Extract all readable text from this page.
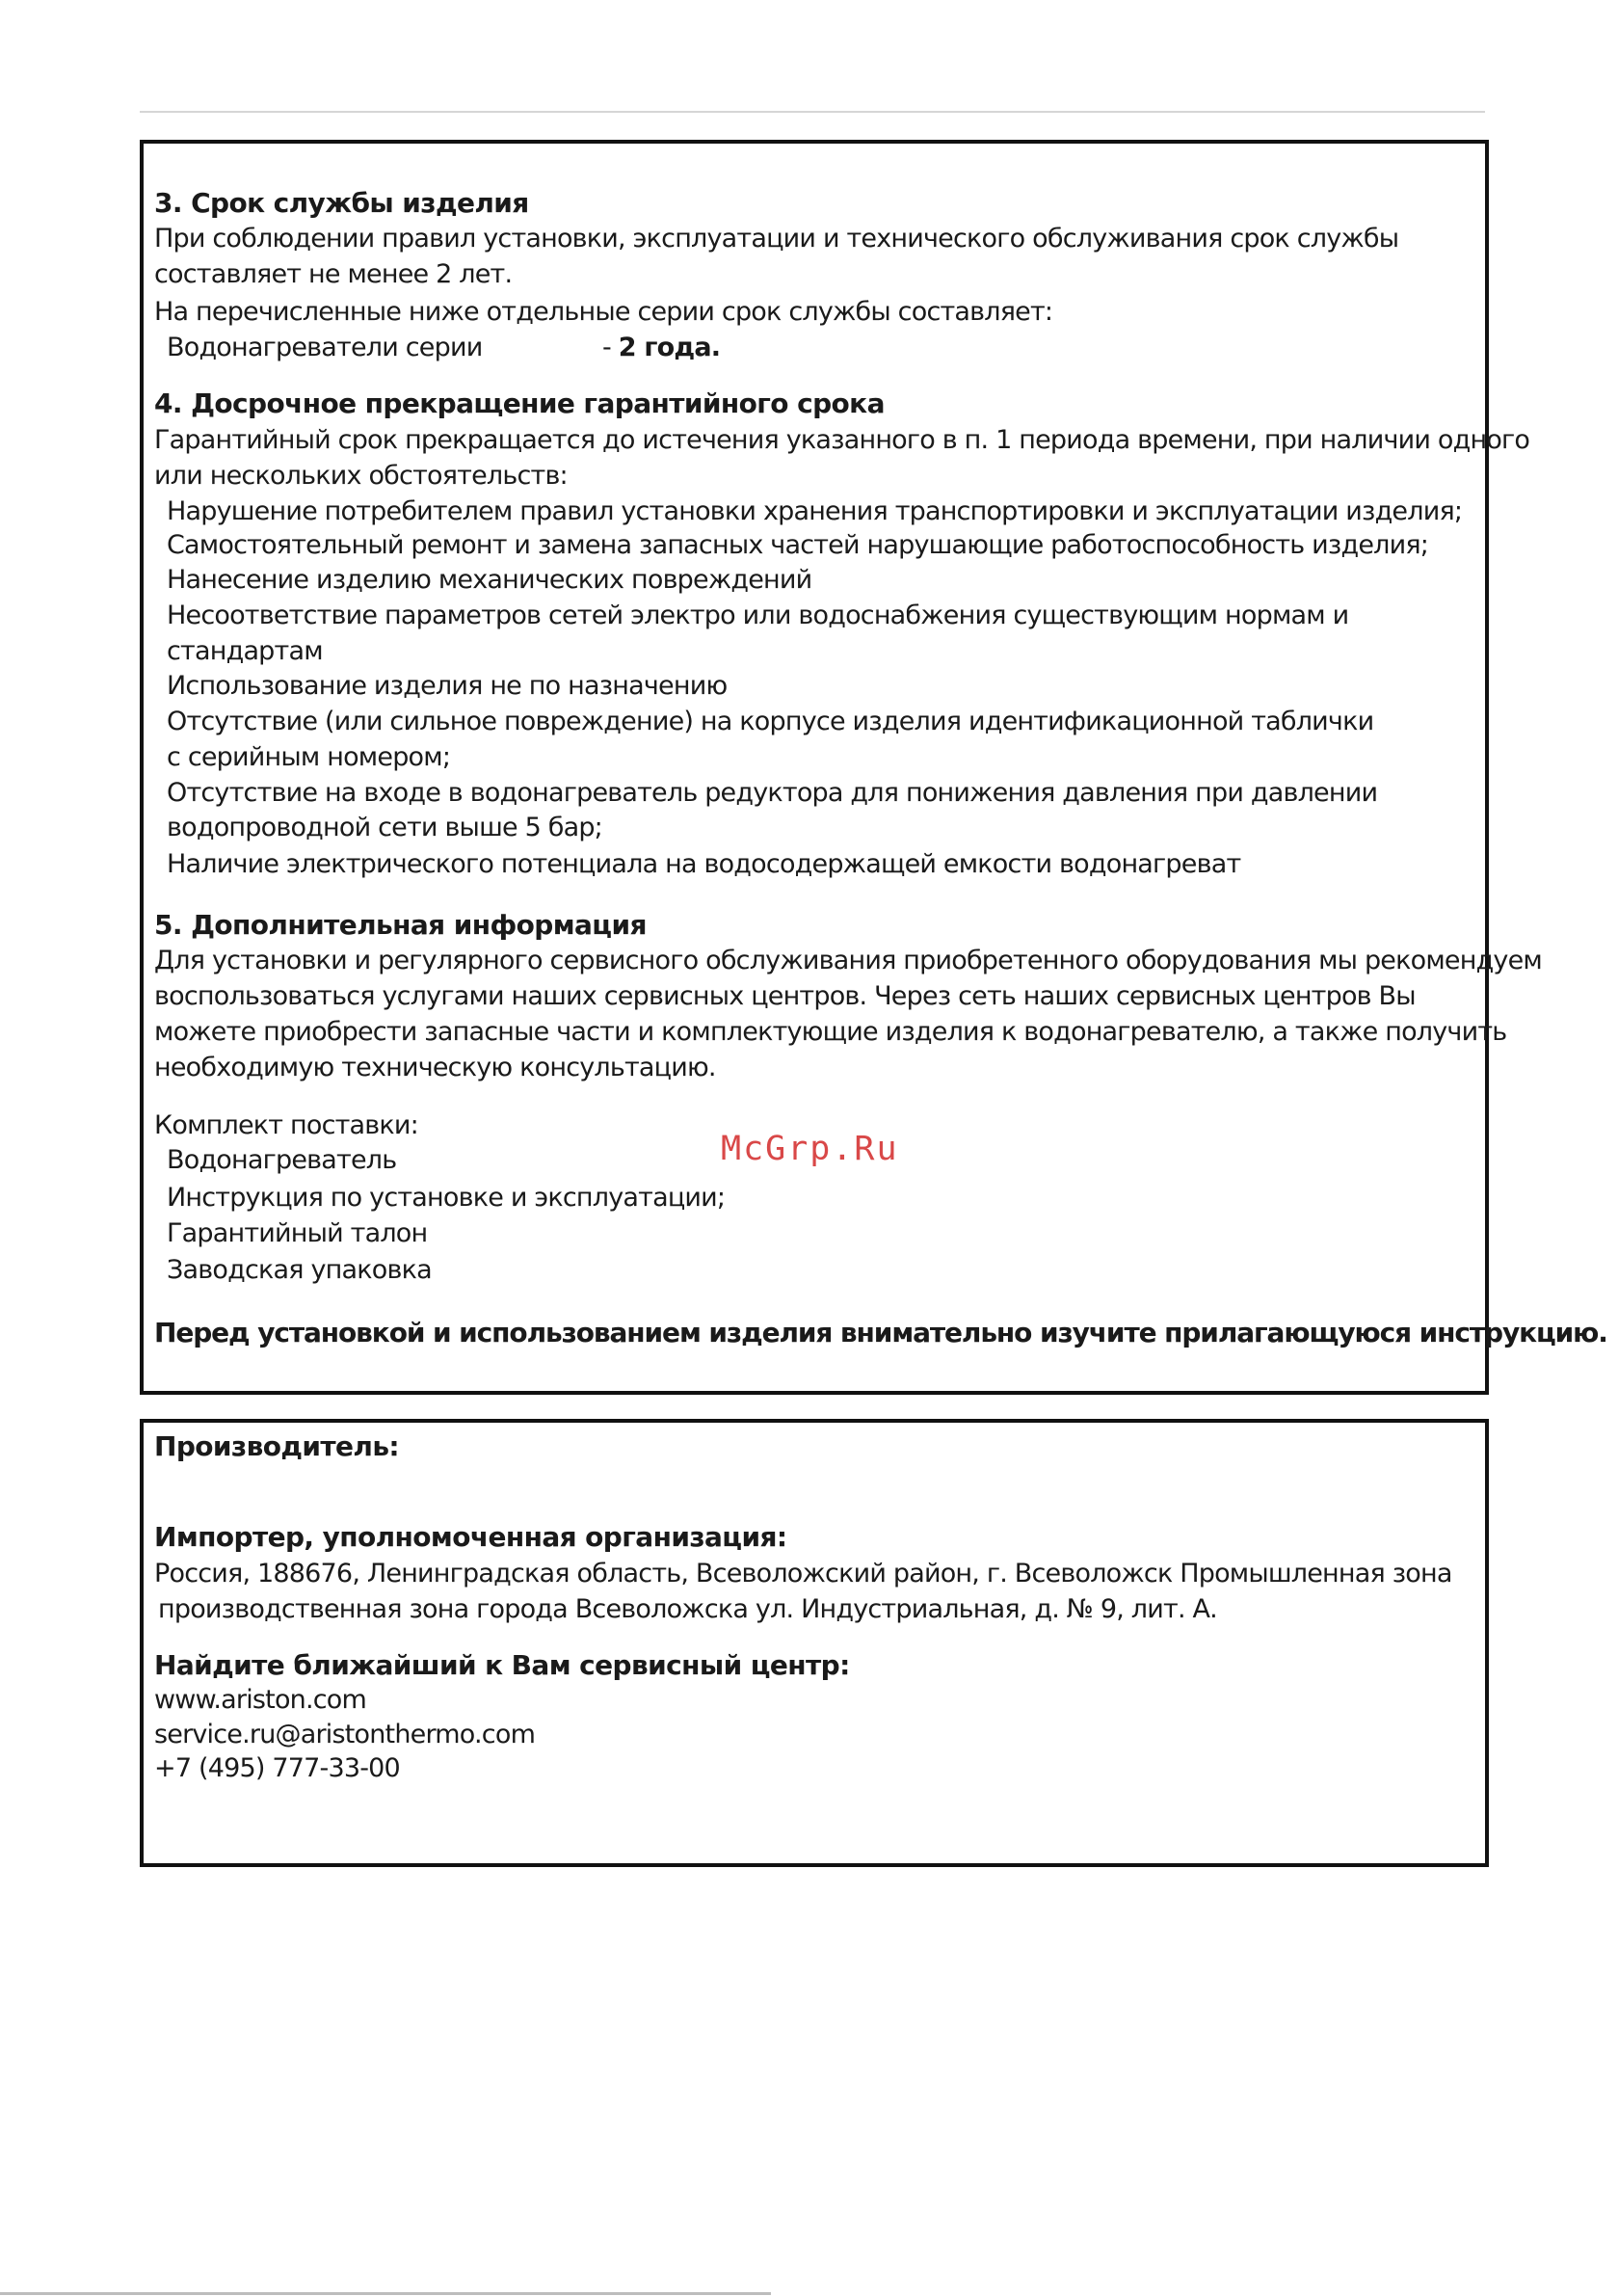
3. Срок службы изделия
При соблюдении правил установки, эксплуатации и технического обслуживания срок службы
составляет не менее 2 лет.
На перечисленные ниже отдельные серии срок службы составляет:
Водонагреватели серии	- 2 года.
4. Досрочное прекращение гарантийного срока
Гарантийный срок прекращается до истечения указанного в п. 1 периода времени, при наличии одного
или нескольких обстоятельств:
Нарушение потребителем правил установки хранения транспортировки и эксплуатации изделия;
Самостоятельный ремонт и замена запасных частей нарушающие работоспособность изделия;
Нанесение изделию механических повреждений
Несоответствие параметров сетей электро или водоснабжения существующим нормам и
стандартам
Использование изделия не по назначению
Отсутствие (или сильное повреждение) на корпусе изделия идентификационной таблички
с серийным номером;
Отсутствие на входе в водонагреватель редуктора для понижения давления при давлении
водопроводной сети выше 5 бар;
Наличие электрического потенциала на водосодержащей емкости водонагреват
5. Дополнительная информация
Для установки и регулярного сервисного обслуживания приобретенного оборудования мы рекомендуем
воспользоваться услугами наших сервисных центров. Через сеть наших сервисных центров Вы
можете приобрести запасные части и комплектующие изделия к водонагревателю, а также получить
необходимую техническую консультацию.
Комплект поставки:
Водонагреватель
Инструкция по установке и эксплуатации;
Гарантийный талон
Заводская упаковка
Перед установкой и использованием изделия внимательно изучите прилагающуюся инструкцию.
McGrp.Ru
Производитель:
Импортер, уполномоченная организация:
Россия, 188676, Ленинградская область, Всеволожский район, г. Всеволожск Промышленная зона
производственная зона города Всеволожска ул. Индустриальная, д. № 9, лит. А.
Найдите ближайший к Вам сервисный центр:
www.ariston.com
service.ru@aristonthermo.com
+7 (495) 777-33-00
